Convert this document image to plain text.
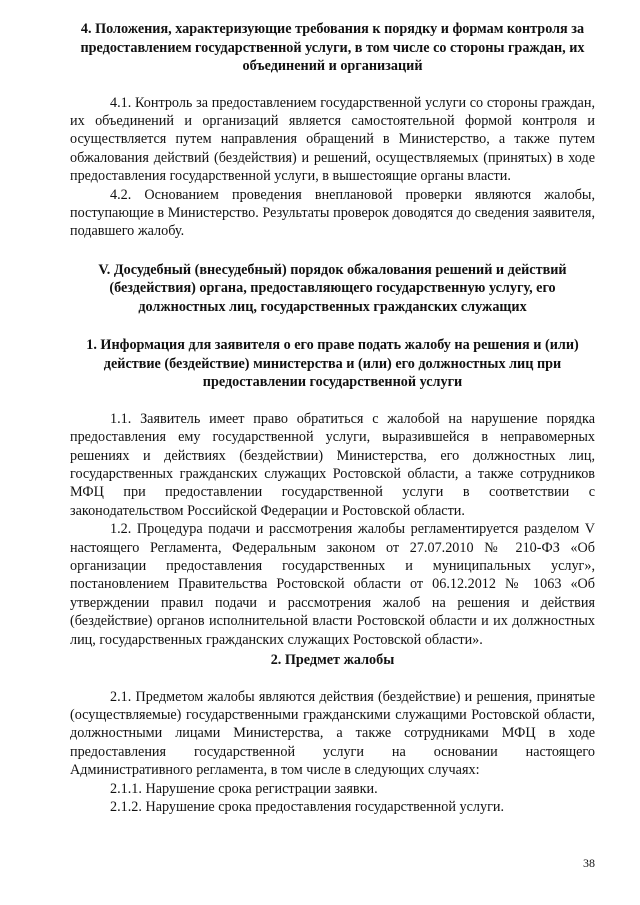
4. Положения, характеризующие требования к порядку и формам контроля за предоставлением государственной услуги, в том числе со стороны граждан, их объединений и организаций

4.1. Контроль за предоставлением государственной услуги со стороны граждан, их объединений и организаций является самостоятельной формой контроля и осуществляется путем направления обращений в Министерство, а также путем обжалования действий (бездействия) и решений, осуществляемых (принятых) в ходе предоставления государственной услуги, в вышестоящие органы власти.

4.2. Основанием проведения внеплановой проверки являются жалобы, поступающие в Министерство. Результаты проверок доводятся до сведения заявителя, подавшего жалобу.

V. Досудебный (внесудебный) порядок обжалования решений и действий (бездействия) органа, предоставляющего государственную услугу, его должностных лиц, государственных гражданских служащих

1. Информация для заявителя о его праве подать жалобу на решения и (или) действие (бездействие) министерства и (или) его должностных лиц при предоставлении государственной услуги

1.1. Заявитель имеет право обратиться с жалобой на нарушение порядка предоставления ему государственной услуги, выразившейся в неправомерных решениях и действиях (бездействии) Министерства, его должностных лиц, государственных гражданских служащих Ростовской области, а также сотрудников МФЦ при предоставлении государственной услуги в соответствии с законодательством Российской Федерации и Ростовской области.

1.2. Процедура подачи и рассмотрения жалобы регламентируется разделом V настоящего Регламента, Федеральным законом от 27.07.2010 № 210-ФЗ «Об организации предоставления государственных и муниципальных услуг», постановлением Правительства Ростовской области от 06.12.2012 № 1063 «Об утверждении правил подачи и рассмотрения жалоб на решения и действия (бездействие) органов исполнительной власти Ростовской области и их должностных лиц, государственных гражданских служащих Ростовской области».

2. Предмет жалобы

2.1. Предметом жалобы являются действия (бездействие) и решения, принятые (осуществляемые) государственными гражданскими служащими Ростовской области, должностными лицами Министерства, а также сотрудниками МФЦ в ходе предоставления государственной услуги на основании настоящего Административного регламента, в том числе в следующих случаях:

2.1.1. Нарушение срока регистрации заявки.

2.1.2. Нарушение срока предоставления государственной услуги.

38
